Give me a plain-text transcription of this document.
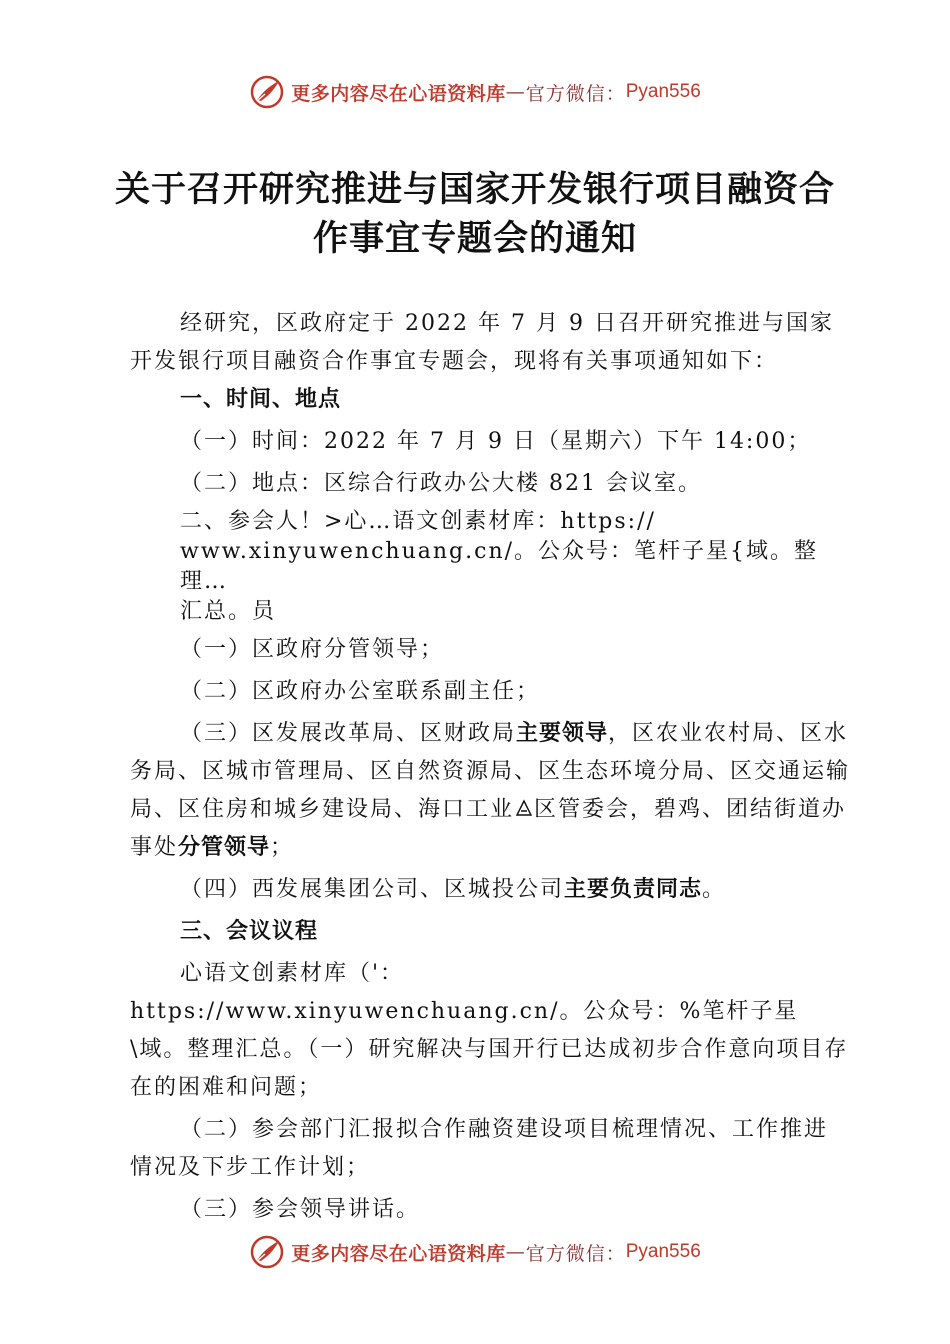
更多内容尽在心语资料库 — 官方微信： Pyan556
关于召开研究推进与国家开发银行项目融资合
作事宜专题会的通知

经研究，区政府定于 2022 年 7 月 9 日召开研究推进与国家开发银行项目融资合作事宜专题会，现将有关事项通知如下：

一、时间、地点

（一）时间：2022 年 7 月 9 日（星期六）下午 14:00；

（二）地点：区综合行政办公大楼 821 会议室。

二、参会人！>心…语文创素材库：https://
www.xinyuwenchuang.cn/。公众号：笔杆子星{域。整理…
汇总。员

（一）区政府分管领导；

（二）区政府办公室联系副主任；

（三）区发展改革局、区财政局主要领导，区农业农村局、区水务局、区城市管理局、区自然资源局、区生态环境分局、区交通运输局、区住房和城乡建设局、海口工业 区管委会，碧鸡、团结街道办事处分管领导；

（四）西发展集团公司、区城投公司主要负责同志。

三、会议议程

心语文创素材库（'：https://www.xinyuwenchuang.cn/。公众号：%笔杆子星\域。整理汇总。（一）研究解决与国开行已达成初步合作意向项目存在的困难和问题；

（二）参会部门汇报拟合作融资建设项目梳理情况、工作推进情况及下步工作计划；

（三）参会领导讲话。

更多内容尽在心语资料库 — 官方微信： Pyan556
